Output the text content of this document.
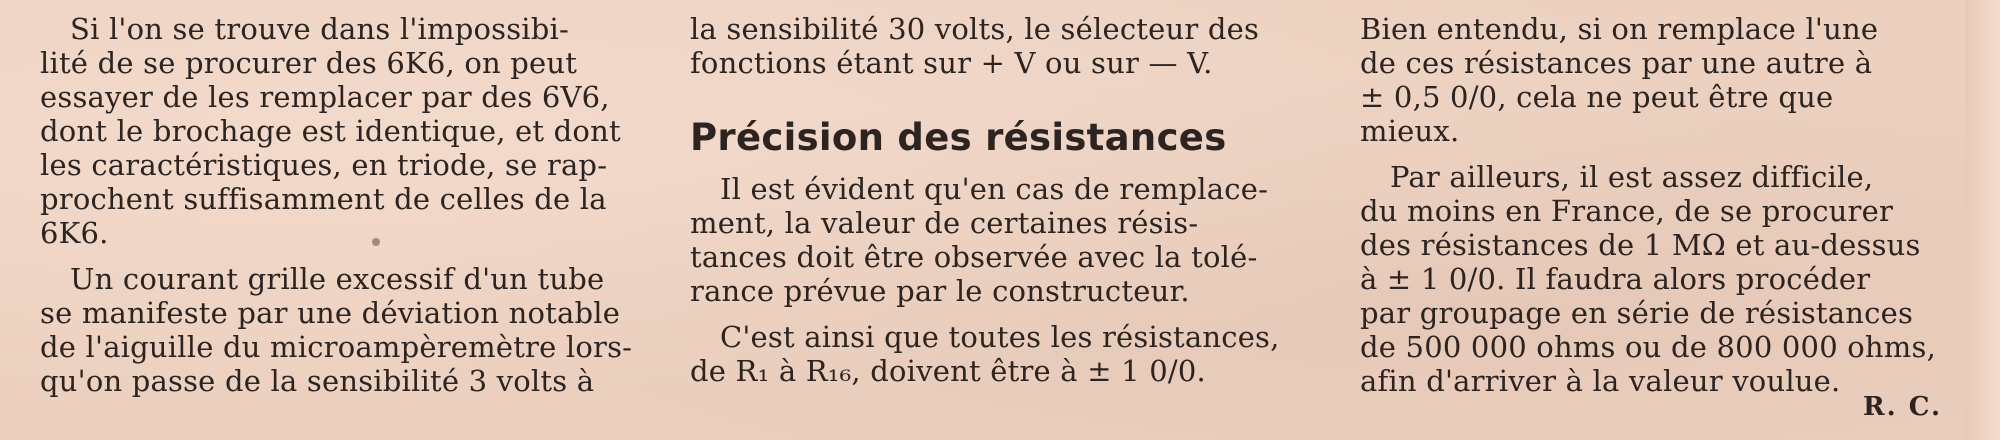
Si l'on se trouve dans l'impossibi-
lité de se procurer des 6K6, on peut
essayer de les remplacer par des 6V6,
dont le brochage est identique, et dont
les caractéristiques, en triode, se rap-
prochent suffisamment de celles de la
6K6.
Un courant grille excessif d'un tube
se manifeste par une déviation notable
de l'aiguille du microampèremètre lors-
qu'on passe de la sensibilité 3 volts à
la sensibilité 30 volts, le sélecteur des
fonctions étant sur + V ou sur — V.
Précision des résistances
Il est évident qu'en cas de remplace-
ment, la valeur de certaines résis-
tances doit être observée avec la tolé-
rance prévue par le constructeur.
C'est ainsi que toutes les résistances,
de R₁ à R₁₆, doivent être à ± 1 0/0.
Bien entendu, si on remplace l'une
de ces résistances par une autre à
± 0,5 0/0, cela ne peut être que
mieux.
Par ailleurs, il est assez difficile,
du moins en France, de se procurer
des résistances de 1 MΩ et au-dessus
à ± 1 0/0. Il faudra alors procéder
par groupage en série de résistances
de 500 000 ohms ou de 800 000 ohms,
afin d'arriver à la valeur voulue.
R. C.
